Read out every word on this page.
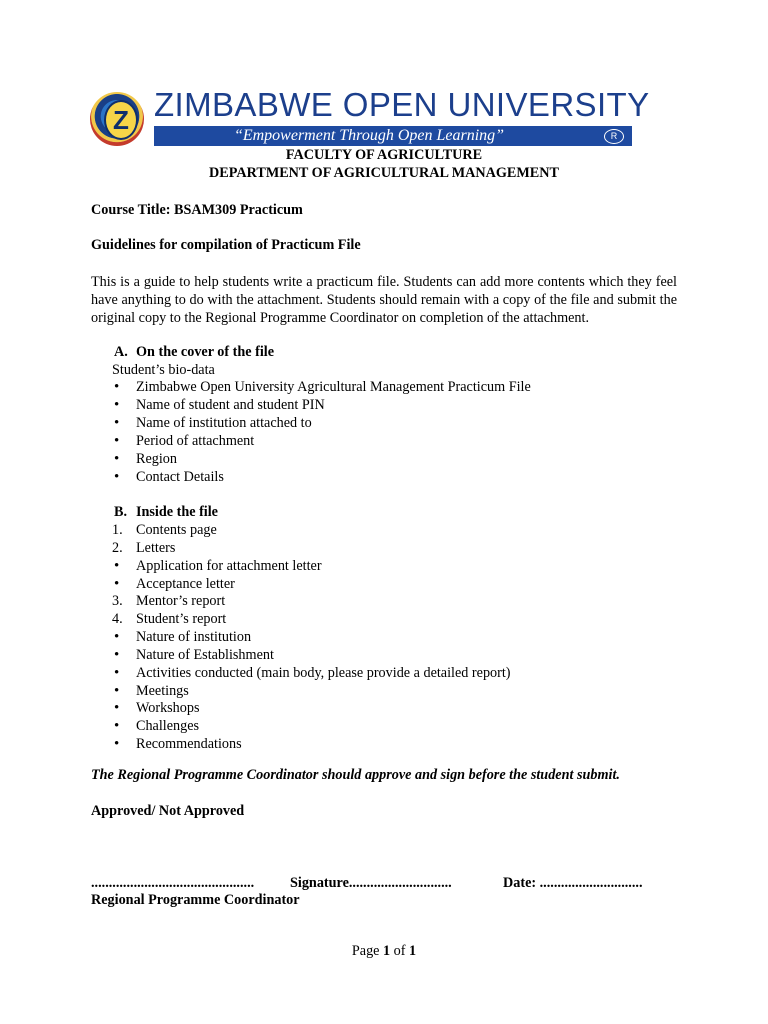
Z ZIMBABWE OPEN UNIVERSITY
“Empowerment Through Open Learning”	R
FACULTY OF AGRICULTURE
DEPARTMENT OF AGRICULTURAL MANAGEMENT
Course Title: BSAM309 Practicum
Guidelines for compilation of Practicum File
This is a guide to help students write a practicum file. Students can add more contents which they feel have anything to do with the attachment. Students should remain with a copy of the file and submit the original copy to the Regional Programme Coordinator on completion of the attachment.
A. On the cover of the file
Student’s bio-data
• Zimbabwe Open University Agricultural Management Practicum File
• Name of student and student PIN
• Name of institution attached to
• Period of attachment
• Region
• Contact Details
B. Inside the file
1. Contents page
2. Letters
• Application for attachment letter
• Acceptance letter
3. Mentor’s report
4. Student’s report
• Nature of institution
• Nature of Establishment
• Activities conducted (main body, please provide a detailed report)
• Meetings
• Workshops
• Challenges
• Recommendations
The Regional Programme Coordinator should approve and sign before the student submit.
Approved/ Not Approved
..............................................	Signature.............................	Date: .............................
Regional Programme Coordinator
Page 1 of 1
